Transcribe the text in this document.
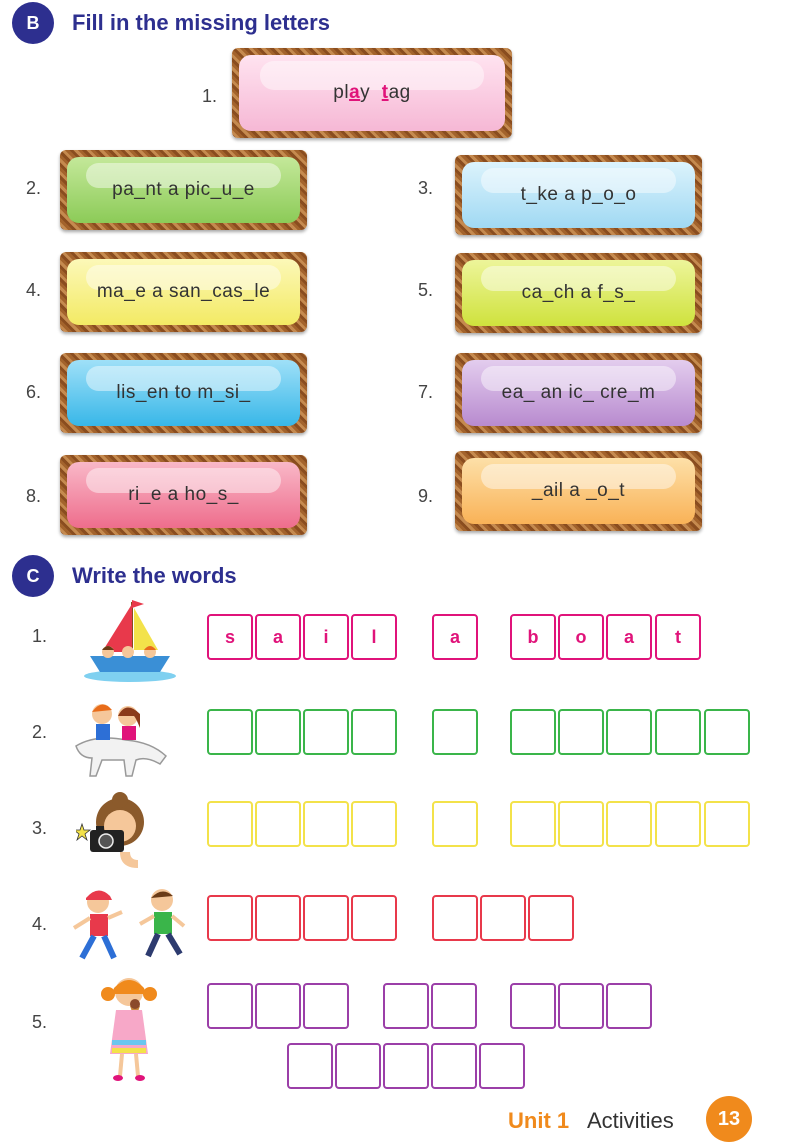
B	Fill in the missing letters
1.	play  tag
2.	pa_nt a pic_u_e	3.	t_ke a p_o_o
4.	ma_e a san_cas_le	5.	ca_ch a f_s_
6.	lis_en to m_si_	7.	ea_ an ic_ cre_m
8.	ri_e a ho_s_	9.	_ail a _o_t
C	Write the words
1.	s	a	i	l	a	b	o	a	t
2.
3.
4.
5.
Unit 1 Activities	13
